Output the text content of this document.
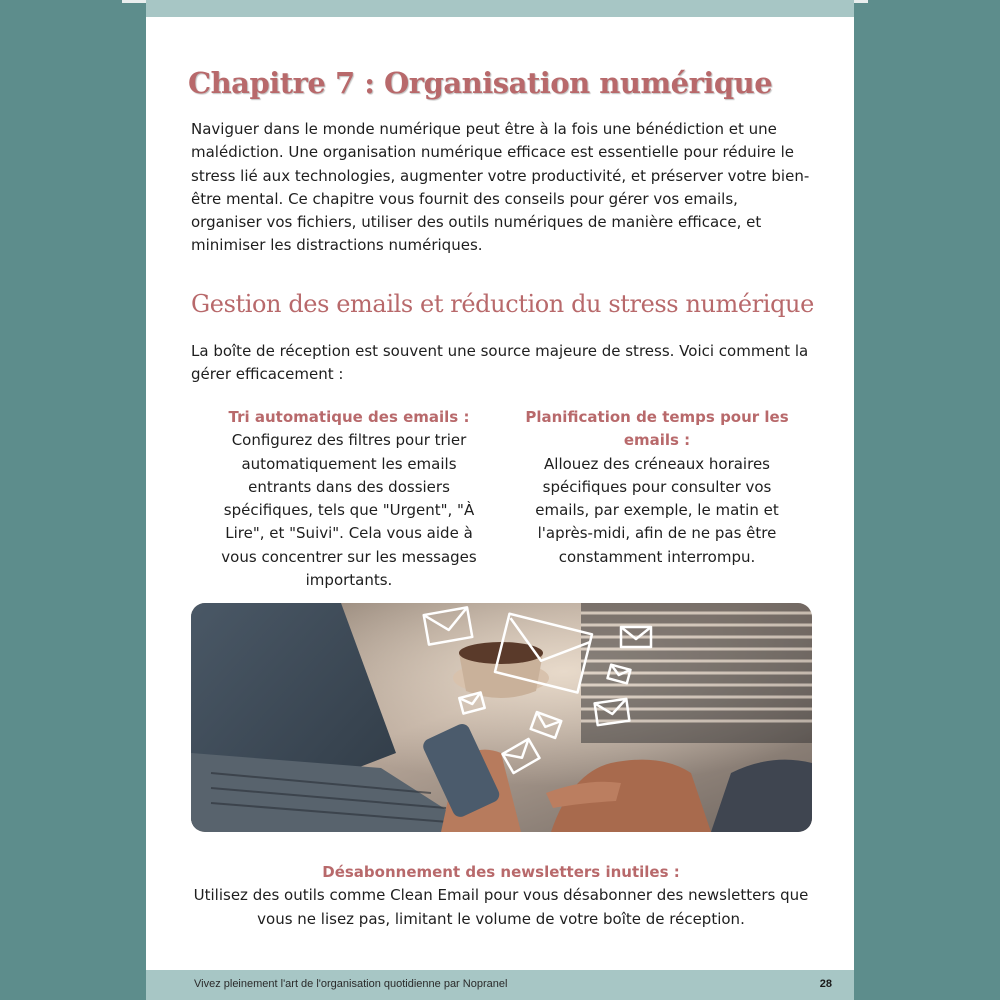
Chapitre 7 : Organisation numérique
Naviguer dans le monde numérique peut être à la fois une bénédiction et une malédiction. Une organisation numérique efficace est essentielle pour réduire le stress lié aux technologies, augmenter votre productivité, et préserver votre bien-être mental. Ce chapitre vous fournit des conseils pour gérer vos emails, organiser vos fichiers, utiliser des outils numériques de manière efficace, et minimiser les distractions numériques.
Gestion des emails et réduction du stress numérique
La boîte de réception est souvent une source majeure de stress. Voici comment la gérer efficacement :
Tri automatique des emails :
Configurez des filtres pour trier automatiquement les emails entrants dans des dossiers spécifiques, tels que "Urgent", "À Lire", et "Suivi". Cela vous aide à vous concentrer sur les messages importants.
Planification de temps pour les emails :
Allouez des créneaux horaires spécifiques pour consulter vos emails, par exemple, le matin et l'après-midi, afin de ne pas être constamment interrompu.
Désabonnement des newsletters inutiles :
Utilisez des outils comme Clean Email pour vous désabonner des newsletters que vous ne lisez pas, limitant le volume de votre boîte de réception.
Vivez pleinement l'art de l'organisation quotidienne par Nopranel	28
